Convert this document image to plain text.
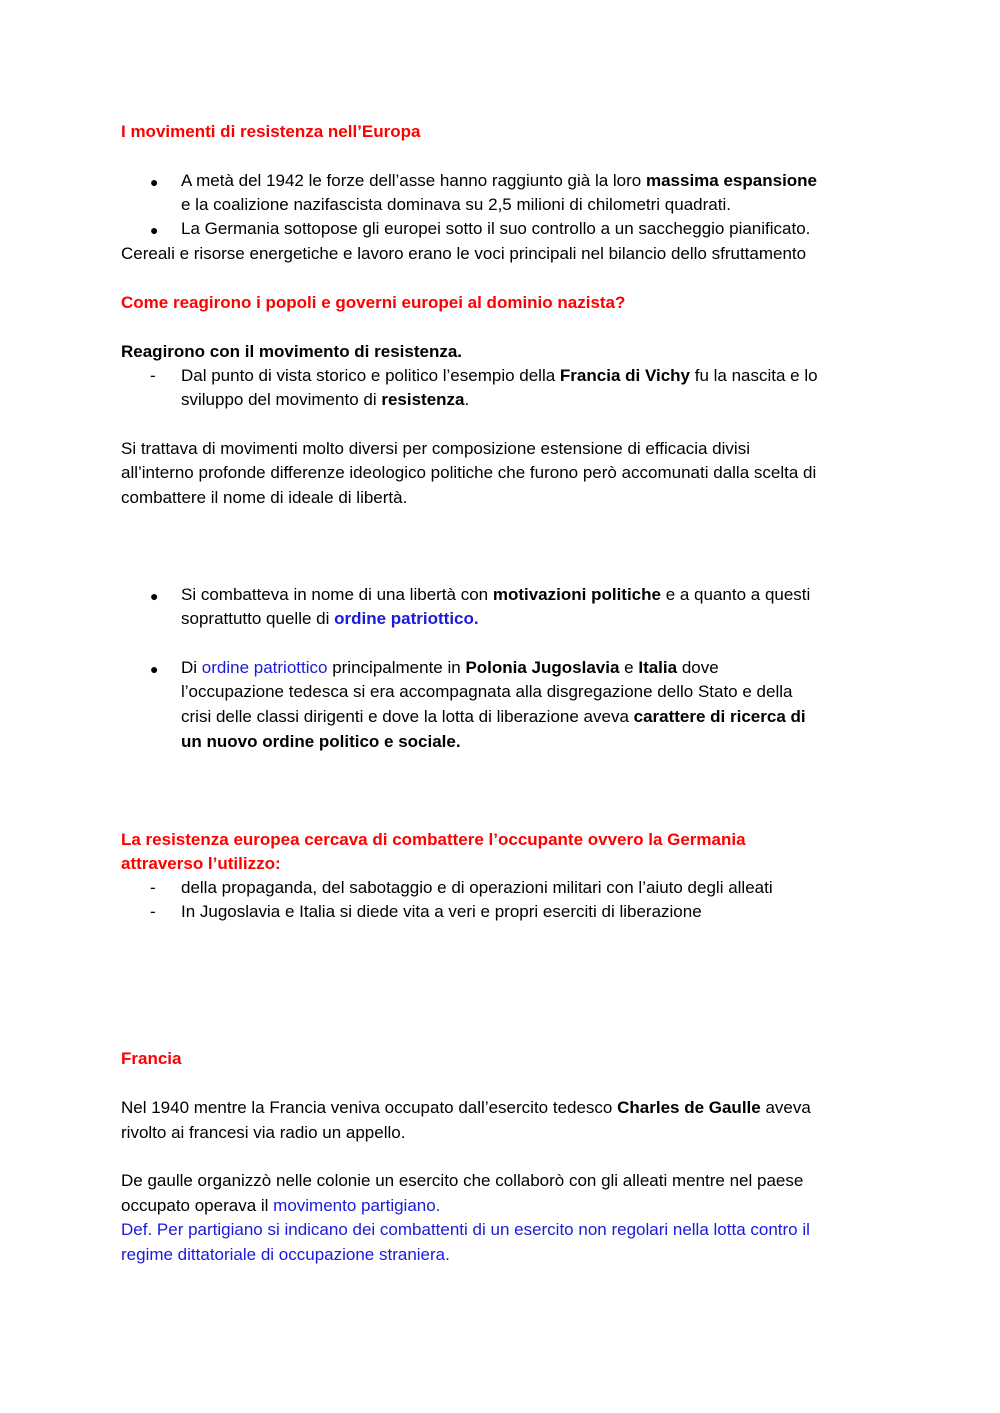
I movimenti di resistenza nell’Europa

● A metà del 1942 le forze dell’asse hanno raggiunto già la loro massima espansione

e la coalizione nazifascista dominava su 2,5 milioni di chilometri quadrati.

● La Germania sottopose gli europei sotto il suo controllo a un saccheggio pianificato.

Cereali e risorse energetiche e lavoro erano le voci principali nel bilancio dello sfruttamento

Come reagirono i popoli e governi europei al dominio nazista?

Reagirono con il movimento di resistenza.

- Dal punto di vista storico e politico l’esempio della Francia di Vichy fu la nascita e lo

sviluppo del movimento di resistenza.

Si trattava di movimenti molto diversi per composizione estensione di efficacia divisi

all’interno profonde differenze ideologico politiche che furono però accomunati dalla scelta di

combattere il nome di ideale di libertà.

● Si combatteva in nome di una libertà con motivazioni politiche e a quanto a questi

soprattutto quelle di ordine patriottico.

● Di ordine patriottico principalmente in Polonia Jugoslavia e Italia dove

l’occupazione tedesca si era accompagnata alla disgregazione dello Stato e della

crisi delle classi dirigenti e dove la lotta di liberazione aveva carattere di ricerca di

un nuovo ordine politico e sociale.

La resistenza europea cercava di combattere l’occupante ovvero la Germania

attraverso l’utilizzo:

- della propaganda, del sabotaggio e di operazioni militari con l’aiuto degli alleati

- In Jugoslavia e Italia si diede vita a veri e propri eserciti di liberazione

Francia

Nel 1940 mentre la Francia veniva occupato dall’esercito tedesco Charles de Gaulle aveva

rivolto ai francesi via radio un appello.

De gaulle organizzò nelle colonie un esercito che collaborò con gli alleati mentre nel paese

occupato operava il movimento partigiano.

Def. Per partigiano si indicano dei combattenti di un esercito non regolari nella lotta contro il

regime dittatoriale di occupazione straniera.
